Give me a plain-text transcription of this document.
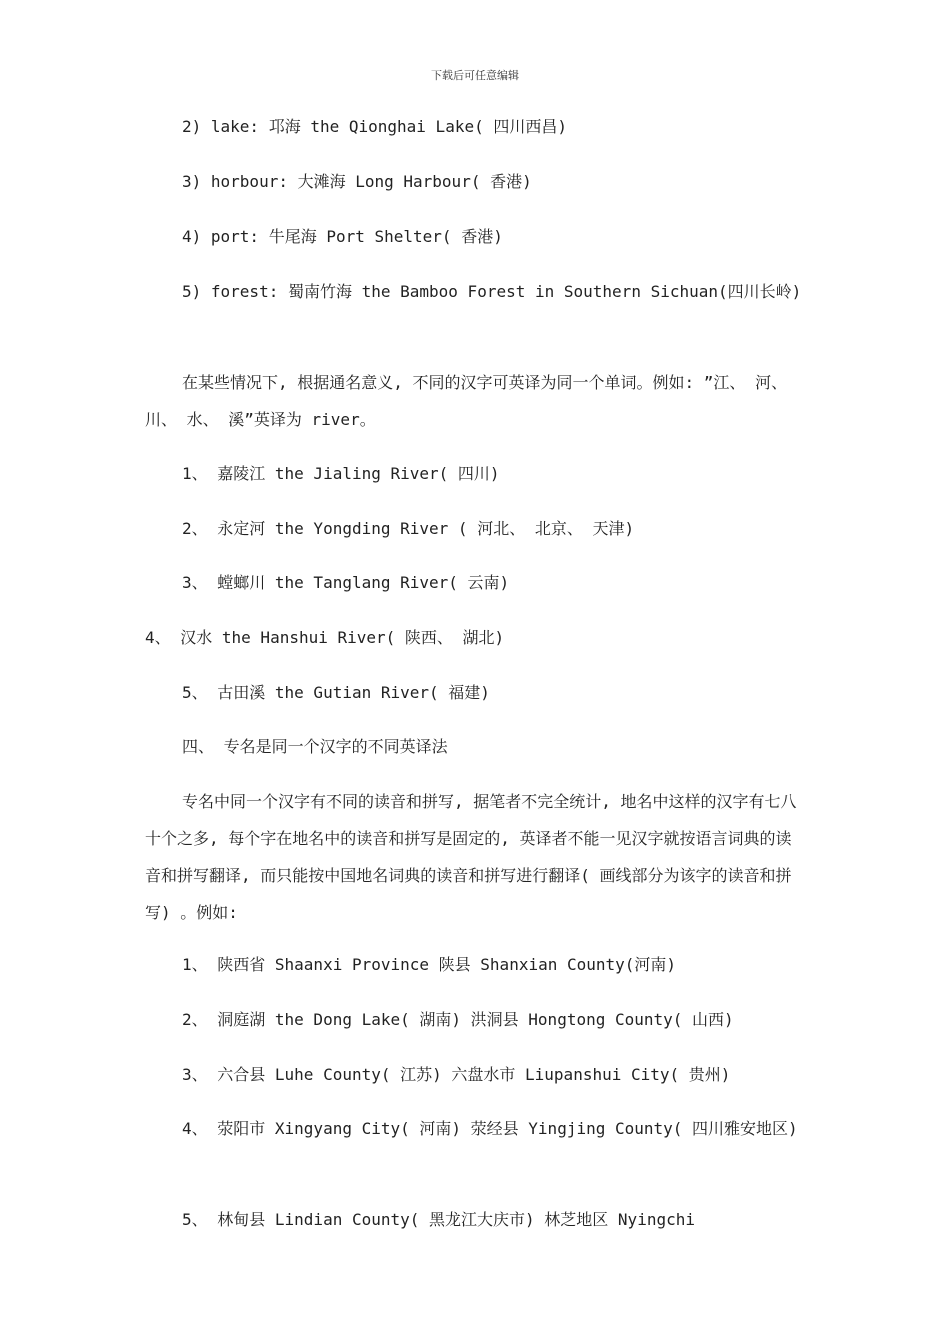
下载后可任意编辑

2) lake: 邛海 the Qionghai Lake( 四川西昌)

3) horbour: 大滩海 Long Harbour( 香港)

4) port: 牛尾海 Port Shelter( 香港)

5) forest: 蜀南竹海 the Bamboo Forest in Southern Sichuan(四川长岭)

在某些情况下, 根据通名意义, 不同的汉字可英译为同一个单词。例如: ”江、 河、 川、 水、 溪”英译为 river。

1、 嘉陵江 the Jialing River( 四川)

2、 永定河 the Yongding River ( 河北、 北京、 天津)

3、 螳螂川 the Tanglang River( 云南)

4、 汉水 the Hanshui River( 陕西、 湖北)

5、 古田溪 the Gutian River( 福建)

四、 专名是同一个汉字的不同英译法

专名中同一个汉字有不同的读音和拼写, 据笔者不完全统计, 地名中这样的汉字有七八十个之多, 每个字在地名中的读音和拼写是固定的, 英译者不能一见汉字就按语言词典的读音和拼写翻译, 而只能按中国地名词典的读音和拼写进行翻译( 画线部分为该字的读音和拼写) 。例如:

1、 陕西省 Shaanxi Province 陕县 Shanxian County(河南)

2、 洞庭湖 the Dong Lake( 湖南) 洪洞县 Hongtong County( 山西)

3、 六合县 Luhe County( 江苏) 六盘水市 Liupanshui City( 贵州)

4、 荥阳市 Xingyang City( 河南) 荥经县 Yingjing County( 四川雅安地区)

5、 林甸县 Lindian County( 黑龙江大庆市) 林芝地区 Nyingchi
